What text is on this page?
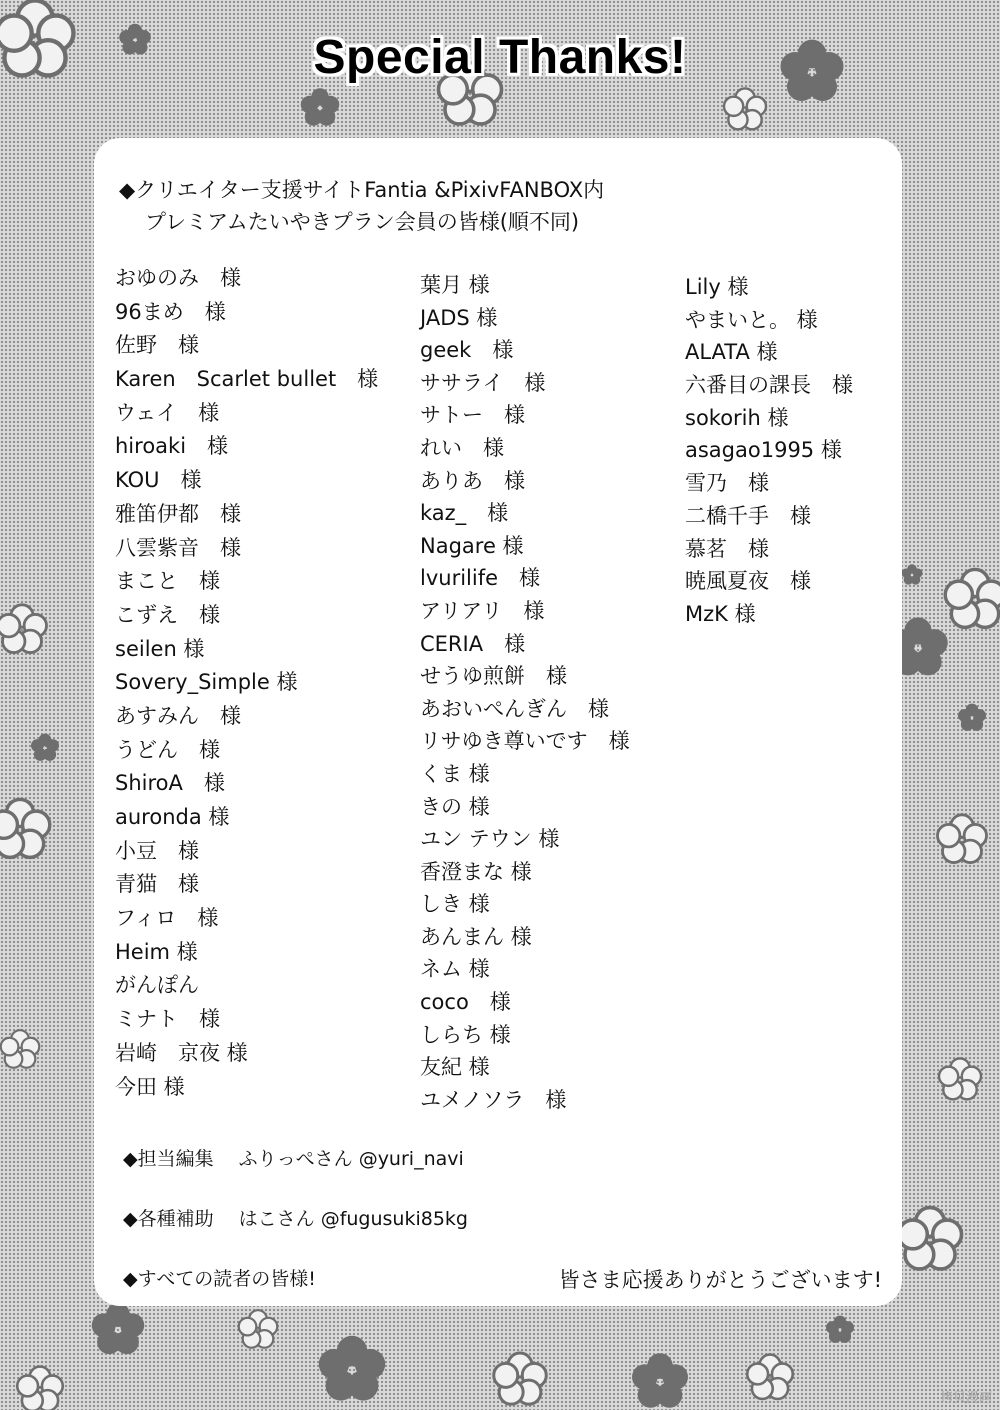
Special Thanks!
◆クリエイター支援サイトFantia &PixivFANBOX内
プレミアムたいやきプラン会員の皆様(順不同)
おゆのみ　様
96まめ　様
佐野　様
Karen　Scarlet bullet　様
ウェイ　様
hiroaki　様
KOU　様
雅笛伊都　様
八雲紫音　様
まこと　様
こずえ　様
seilen 様
Sovery_Simple 様
あすみん　様
うどん　様
ShiroA　様
auronda 様
小豆　様
青猫　様
フィロ　様
Heim 様
がんぽん
ミナト　様
岩崎　京夜 様
今田 様
葉月 様
JADS 様
geek　様
ササライ　様
サトー　様
れい　様
ありあ　様
kaz_　様
Nagare 様
lvurilife　様
アリアリ　様
CERIA　様
せうゆ煎餅　様
あおいぺんぎん　様
リサゆき尊いです　様
くま 様
きの 様
ユン テウン 様
香澄まな 様
しき 様
あんまん 様
ネム 様
coco　様
しらち 様
友紀 様
ユメノソラ　様
Lily 様
やまいと。 様
ALATA 様
六番目の課長　様
sokorih 様
asagao1995 様
雪乃　様
二橋千手　様
慕茗　様
暁風夏夜　様
MzK 様
◆担当編集　 ふりっぺさん @yuri_navi
◆各種補助　 はこさん @fugusuki85kg
◆すべての読者の皆様!	皆さま応援ありがとうございます!
拷贝漫画
